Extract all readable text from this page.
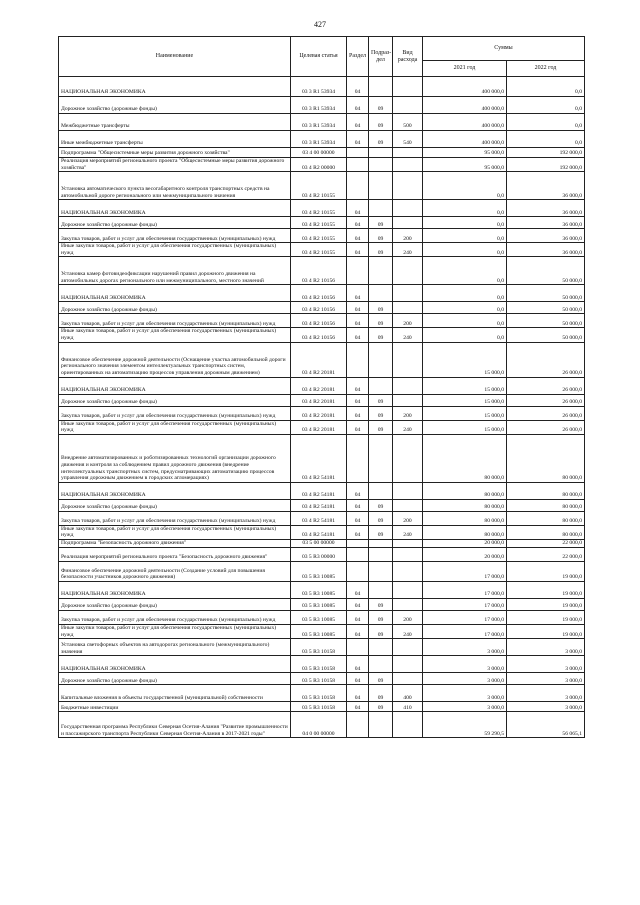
427
Наименование	Целевая статья	Раздел	Подраз- дел	Вид расхода	Суммы	
					2021 год	2022 год
НАЦИОНАЛЬНАЯ ЭКОНОМИКА	03 3 R1 53934	04			400 000,0	0,0
Дорожное хозяйство (дорожные фонды)	03 3 R1 53934	04	09		400 000,0	0,0
Межбюджетные трансферты	03 3 R1 53934	04	09	500	400 000,0	0,0
Иные межбюджетные трансферты	03 3 R1 53934	04	09	540	400 000,0	0,0
Подпрограмма "Общесистемные меры развития дорожного хозяйства"	03 4 00 00000				95 000,0	192 000,0
Реализация мероприятий регионального проекта "Общесистемные меры развития дорожного хозяйства"	03 4 R2 00000				95 000,0	192 000,0
Установка автоматического пункта весогабаритного контроля транспортных средств на автомобильной дороге регионального или межмуниципального значения	03 4 R2 10155				0,0	36 000,0
НАЦИОНАЛЬНАЯ ЭКОНОМИКА	03 4 R2 10155	04			0,0	36 000,0
Дорожное хозяйство (дорожные фонды)	03 4 R2 10155	04	09		0,0	36 000,0
Закупка товаров, работ и услуг для обеспечения государственных (муниципальных) нужд	03 4 R2 10155	04	09	200	0,0	36 000,0
Иные закупки товаров, работ и услуг для обеспечения государственных (муниципальных) нужд	03 4 R2 10155	04	09	240	0,0	36 000,0
Установка камер фотовидеофиксации нарушений правил дорожного движения на автомобильных дорогах регионального или межмуниципального, местного значений	03 4 R2 10156				0,0	50 000,0
НАЦИОНАЛЬНАЯ ЭКОНОМИКА	03 4 R2 10156	04			0,0	50 000,0
Дорожное хозяйство (дорожные фонды)	03 4 R2 10156	04	09		0,0	50 000,0
Закупка товаров, работ и услуг для обеспечения государственных (муниципальных) нужд	03 4 R2 10156	04	09	200	0,0	50 000,0
Иные закупки товаров, работ и услуг для обеспечения государственных (муниципальных) нужд	03 4 R2 10156	04	09	240	0,0	50 000,0
Финансовое обеспечение дорожной деятельности (Оснащение участка автомобильной дороги регионального значения элементом интеллектуальных транспортных систем, ориентированных на автоматизацию процессов управления дорожным движением)	03 4 R2 20181				15 000,0	26 000,0
НАЦИОНАЛЬНАЯ ЭКОНОМИКА	03 4 R2 20181	04			15 000,0	26 000,0
Дорожное хозяйство (дорожные фонды)	03 4 R2 20181	04	09		15 000,0	26 000,0
Закупка товаров, работ и услуг для обеспечения государственных (муниципальных) нужд	03 4 R2 20181	04	09	200	15 000,0	26 000,0
Иные закупки товаров, работ и услуг для обеспечения государственных (муниципальных) нужд	03 4 R2 20181	04	09	240	15 000,0	26 000,0
Внедрение автоматизированных и роботизированных технологий организации дорожного движения и контроля за соблюдением правил дорожного движения (внедрение интеллектуальных транспортных систем, предусматривающих автоматизацию процессов управления дорожным движением в городских агломерациях)	03 4 R2 54181				80 000,0	80 000,0
НАЦИОНАЛЬНАЯ ЭКОНОМИКА	03 4 R2 54181	04			80 000,0	80 000,0
Дорожное хозяйство (дорожные фонды)	03 4 R2 54181	04	09		80 000,0	80 000,0
Закупка товаров, работ и услуг для обеспечения государственных (муниципальных) нужд	03 4 R2 54181	04	09	200	80 000,0	80 000,0
Иные закупки товаров, работ и услуг для обеспечения государственных (муниципальных) нужд	03 4 R2 54181	04	09	240	80 000,0	80 000,0
Подпрограмма "Безопасность дорожного движения"	03 5 00 00000				20 000,0	22 000,0
Реализация мероприятий регионального проекта "Безопасность дорожного движения"	03 5 R3 00000				20 000,0	22 000,0
Финансовое обеспечение дорожной деятельности (Создание условий для повышения безопасности участников дорожного движения)	03 5 R3 10085				17 000,0	19 000,0
НАЦИОНАЛЬНАЯ ЭКОНОМИКА	03 5 R3 10085	04			17 000,0	19 000,0
Дорожное хозяйство (дорожные фонды)	03 5 R3 10085	04	09		17 000,0	19 000,0
Закупка товаров, работ и услуг для обеспечения государственных (муниципальных) нужд	03 5 R3 10085	04	09	200	17 000,0	19 000,0
Иные закупки товаров, работ и услуг для обеспечения государственных (муниципальных) нужд	03 5 R3 10085	04	09	240	17 000,0	19 000,0
Установка светофорных объектов на автодорогах регионального (межмуниципального) значения	03 5 R3 10158				3 000,0	3 000,0
НАЦИОНАЛЬНАЯ ЭКОНОМИКА	03 5 R3 10158	04			3 000,0	3 000,0
Дорожное хозяйство (дорожные фонды)	03 5 R3 10158	04	09		3 000,0	3 000,0
Капитальные вложения в объекты государственной (муниципальной) собственности	03 5 R3 10158	04	09	400	3 000,0	3 000,0
Бюджетные инвестиции	03 5 R3 10158	04	09	410	3 000,0	3 000,0
Государственная программа Республики Северная Осетия-Алания "Развитие промышленности и пассажирского транспорта Республики Северная Осетия-Алания в 2017-2021 годы"	04 0 00 00000				59 290,5	56 065,1
